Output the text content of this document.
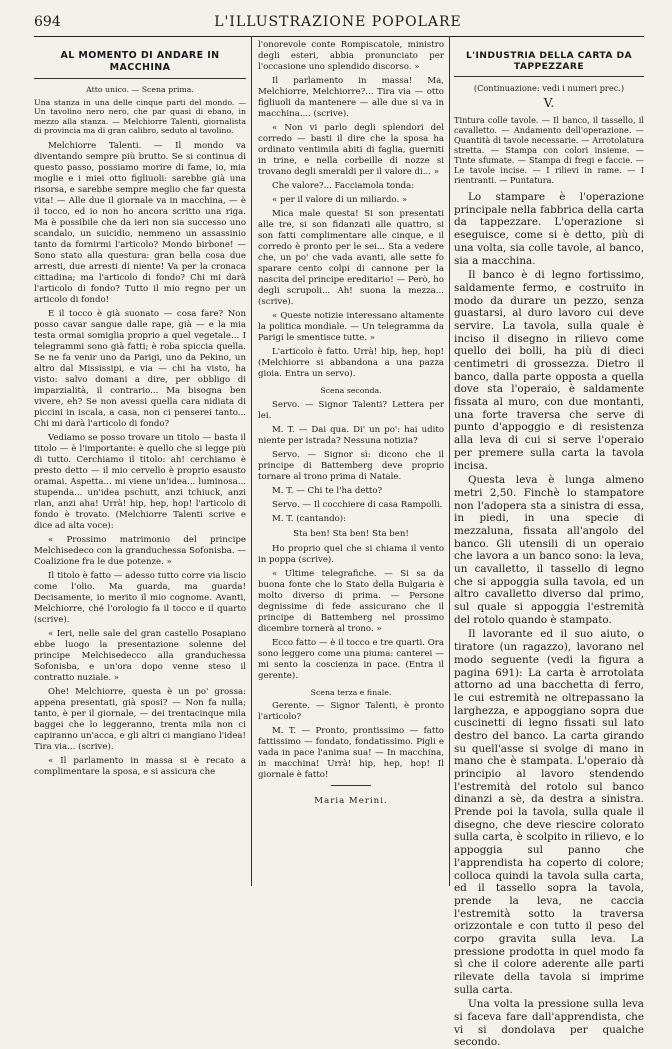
694	L'ILLUSTRAZIONE POPOLARE
AL MOMENTO DI ANDARE IN MACCHINA
Atto unico. — Scena prima.
Una stanza in una delle cinque parti del mondo. — Un tavolino nero nero, che par quasi di ebano, in mezzo alla stanza. — Melchiorre Talenti, giornalista di provincia ma di gran calibro, seduto al tavolino.

Melchiorre Talenti. — Il mondo va diventando sempre più brutto. Se si continua di questo passo, possiamo morire di fame, io, mia moglie e i miei otto figliuoli: sarebbe già una risorsa, e sarebbe sempre meglio che far questa vita! — Alle due il giornale va in macchina, — è il tocco, ed io non ho ancora scritto una riga. Ma è possibile che da ieri non sia successo uno scandalo, un suicidio, nemmeno un assassinio tanto da fornirmi l'articolo? Mondo birbone! — Sono stato alla questura: gran bella cosa due arresti, due arresti di niente! Va per la cronaca cittadina; ma l'articolo di fondo? Chi mi darà l'articolo di fondo? Tutto il mio regno per un articolo di fondo!

E il tocco è già suonato — cosa fare? Non posso cavar sangue dalle rape, già — e la mia testa ormai somiglia proprio a quel vegetale... I telegrammi sono già fatti; è roba spiccia quella. Se ne fa venir uno da Parigi, uno da Pekino, un altro dal Mississipi, e via — chi ha visto, ha visto: salvo domani a dire, per obbligo di imparzialità, il contrario... Ma bisogna ben vivere, eh? Se non avessi quella cara nidiata di piccini in iscala, a casa, non ci penserei tanto... Chi mi darà l'articolo di fondo?

Vediamo se posso trovare un titolo — basta il titolo — è l'importante: è quello che si legge più di tutto. Cerchiamo il titolo: ah! cerchiamo è presto detto — il mio cervello è proprio esausto oramai. Aspetta... mi viene un'idea... luminosa... stupenda... un'idea pschutt, anzi tchiuck, anzi rlan, anzi aha! Urrà! hip, hep, hop! l'articolo di fondo è trovato. (Melchiorre Talenti scrive e dice ad alta voce):

« Prossimo matrimonio del principe Melchisedeco con la granduchessa Sofonisba. — Coalizione fra le due potenze. »

Il titolo è fatto — adesso tutto corre via liscio come l'olio. Ma guarda, ma guarda! Decisamente, io merito il mio cognome. Avanti, Melchiorre, ché l'orologio fa il tocco e il quarto (scrive).

« Ieri, nelle sale del gran castello Posapiano ebbe luogo la presentazione solenne del principe Melchisedecco alla granduchessa Sofonisba, e un'ora dopo venne steso il contratto nuziale. »

Ohe! Melchiorre, questa è un po' grossa: appena presentati, già sposi? — Non fa nulla; tanto, è per il giornale, — dei trentacinque mila baggei che lo leggeranno, trenta mila non ci capiranno un'acca, e gli altri ci mangiano l'idea! Tira via... (scrive).

« Il parlamento in massa si è recato a complimentare la sposa, e si assicura che

l'onorevole conte Rompiscatole, ministro degli esteri, abbia pronunciato per l'occasione uno splendido discorso. »

Il parlamento in massa! Ma, Melchiorre, Melchiorre?... Tira via — otto figliuoli da mantenere — alle due si va in macchina.... (scrive).

« Non vi parlo degli splendori del corredo — basti il dire che la sposa ha ordinato ventimila abiti di faglia, guerniti in trine, e nella corbeille di nozze si trovano degli smeraldi per il valore di... »

Che valore?... Facciamola tonda:

« per il valore di un miliardo. »

Mica male questa! Si son presentati alle tre, si son fidanzati alle quattro, si son fatti complimentare alle cinque, e il corredo è pronto per le sei... Sta a vedere che, un po' che vada avanti, alle sette fo sparare cento colpi di cannone per la nascita del principe ereditario! — Però, ho degli scrupoli... Ah! suona la mezza... (scrive).

« Queste notizie interessano altamente la politica mondiale. — Un telegramma da Parigi le smentisce tutte. »

L'articolo è fatto. Urrà! hip, hep, hop! (Melchiorre si abbandona a una pazza gioia. Entra un servo).

Scena seconda.

Servo. — Signor Talenti? Lettera per lei.

M. T. — Dai qua. Di' un po': hai udito niente per istrada? Nessuna notizia?

Servo. — Signor sì: dicono che il principe di Battemberg deve proprio tornare al trono prima di Natale.

M. T. — Chi te l'ha detto?

Servo. — Il cocchiere di casa Rampolli.

M. T. (cantando):

Sta ben! Sta ben! Sta ben!

Ho proprio quel che si chiama il vento in poppa (scrive).

« Ultime telegrafiche. — Si sa da buona fonte che lo Stato della Bulgaria è molto diverso di prima. — Persone degnissime di fede assicurano che il principe di Battemberg nel prossimo dicembre tornerà al trono. »

Ecco fatto — è il tocco e tre quarti. Ora sono leggero come una piuma: canterei — mi sento la coscienza in pace. (Entra il gerente).

Scena terza e finale.

Gerente. — Signor Talenti, è pronto l'articolo?

M. T. — Pronto, prontissimo — fatto fattissimo — fondato, fondatissimo. Pigli e vada in pace l'anima sua! — In macchina, in macchina! Urrà! hip, hep, hop! Il giornale è fatto!

Maria Merini.
L'INDUSTRIA DELLA CARTA DA TAPPEZZARE
(Continuazione: vedi i numeri prec.)
V.
Tintura colle tavole. — Il banco, il tassello, il cavalletto. — Andamento dell'operazione. — Quantità di tavole necessarie. — Arrotolatura stretta. — Stampa con colori insieme. — Tinte sfumate. — Stampa di fregi e faccie. — Le tavole incise. — I rilievi in rame. — I rientranti. — Puntatura.

Lo stampare è l'operazione principale nella fabbrica della carta da tappezzare. L'operazione si eseguisce, come si è detto, più di una volta, sia colle tavole, al banco, sia a macchina.

Il banco è di legno fortissimo, saldamente fermo, e costruito in modo da durare un pezzo, senza guastarsi, al duro lavoro cui deve servire. La tavola, sulla quale è inciso il disegno in rilievo come quello dei bolli, ha più di dieci centimetri di grossezza. Dietro il banco, dalla parte opposta a quella dove sta l'operaio, è saldamente fissata al muro, con due montanti, una forte traversa che serve di punto d'appoggio e di resistenza alla leva di cui si serve l'operaio per premere sulla carta la tavola incisa.

Questa leva è lunga almeno metri 2,50. Finchè lo stampatore non l'adopera sta a sinistra di essa, in piedi, in una specie di mezzaluna, fissata all'angolo del banco. Gli utensili di un operaio che lavora a un banco sono: la leva, un cavalletto, il tassello di legno che si appoggia sulla tavola, ed un altro cavalletto diverso dal primo, sul quale si appoggia l'estremità del rotolo quando è stampato.

Il lavorante ed il suo aiuto, o tiratore (un ragazzo), lavorano nel modo seguente (vedi la figura a pagina 691): La carta è arrotolata attorno ad una bacchetta di ferro, le cui estremità ne oltrepassano la larghezza, e appoggiano sopra due cuscinetti di legno fissati sul lato destro del banco. La carta girando su quell'asse si svolge di mano in mano che è stampata. L'operaio dà principio al lavoro stendendo l'estremità del rotolo sul banco dinanzi a sè, da destra a sinistra. Prende poi la tavola, sulla quale il disegno, che deve riescire colorato sulla carta, è scolpito in rilievo, e lo appoggia sul panno che l'apprendista ha coperto di colore; colloca quindi la tavola sulla carta, ed il tassello sopra la tavola, prende la leva, ne caccia l'estremità sotto la traversa orizzontale e con tutto il peso del corpo gravita sulla leva. La pressione prodotta in quel modo fa sì che il colore aderente alle parti rilevate della tavola si imprime sulla carta.

Una volta la pressione sulla leva si faceva fare dall'apprendista, che vi si dondolava per qualche secondo.
